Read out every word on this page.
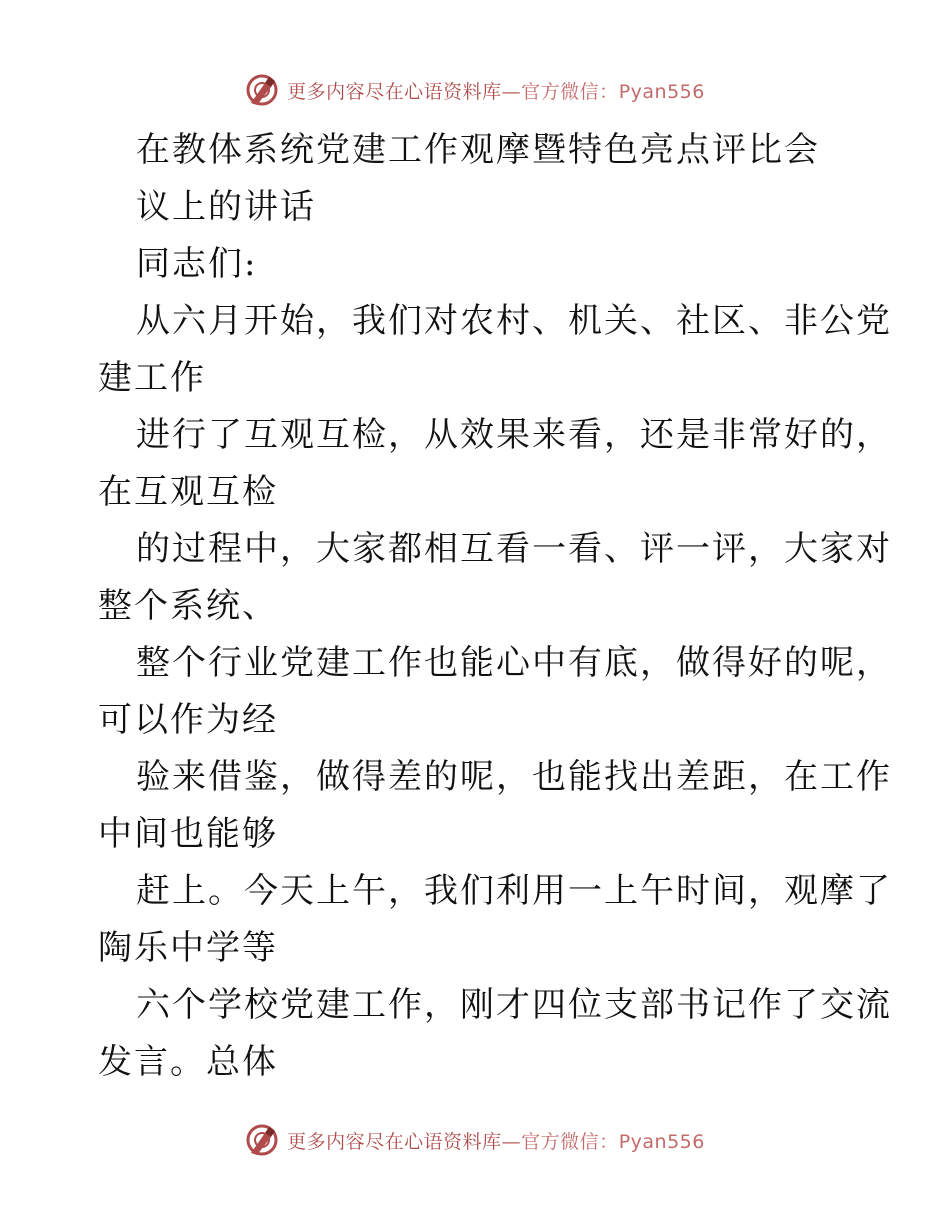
更多内容尽在心语资料库—官方微信：Pyan556
在教体系统党建工作观摩暨特色亮点评比会
议上的讲话
同志们:
从六月开始，我们对农村、机关、社区、非公党
建工作
进行了互观互检，从效果来看，还是非常好的，
在互观互检
的过程中，大家都相互看一看、评一评，大家对
整个系统、
整个行业党建工作也能心中有底，做得好的呢，
可以作为经
验来借鉴，做得差的呢，也能找出差距，在工作
中间也能够
赶上。今天上午，我们利用一上午时间，观摩了
陶乐中学等
六个学校党建工作，刚才四位支部书记作了交流
发言。总体
更多内容尽在心语资料库—官方微信：Pyan556
